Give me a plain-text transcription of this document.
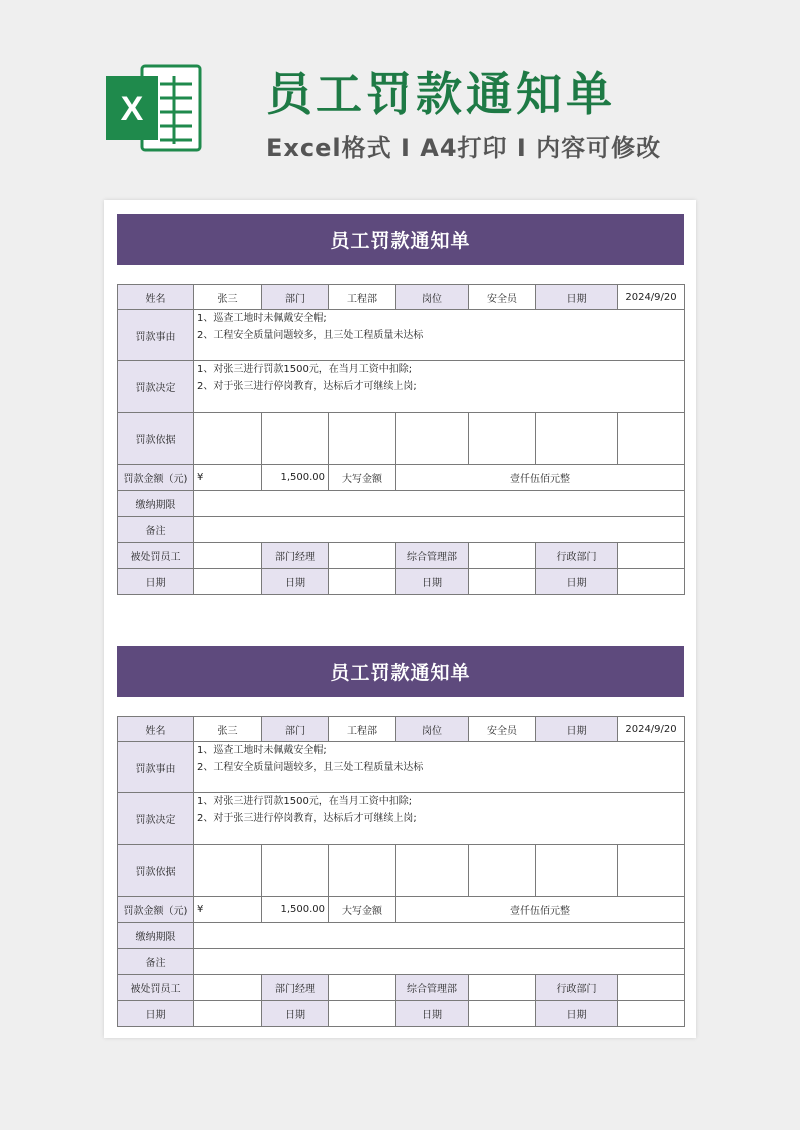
X	员工罚款通知单
Excel格式 Ⅰ A4打印 Ⅰ 内容可修改
员工罚款通知单
姓名	张三	部门	工程部	岗位	安全员	日期	2024/9/20
罚款事由	1、巡查工地时未佩戴安全帽;
2、工程安全质量问题较多，且三处工程质量未达标						

罚款决定	1、对张三进行罚款1500元，在当月工资中扣除;
2、对于张三进行停岗教育，达标后才可继续上岗;						

罚款依据							
罚款金额（元)	¥	1,500.00	大写金额	壹仟伍佰元整			
缴纳期限							
备注							
被处罚员工		部门经理		综合管理部		行政部门	
日期		日期		日期		日期	
员工罚款通知单
姓名	张三	部门	工程部	岗位	安全员	日期	2024/9/20
罚款事由	1、巡查工地时未佩戴安全帽;
2、工程安全质量问题较多，且三处工程质量未达标						

罚款决定	1、对张三进行罚款1500元，在当月工资中扣除;
2、对于张三进行停岗教育，达标后才可继续上岗;						

罚款依据							
罚款金额（元)	¥	1,500.00	大写金额	壹仟伍佰元整			
缴纳期限							
备注							
被处罚员工		部门经理		综合管理部		行政部门	
日期		日期		日期		日期	
